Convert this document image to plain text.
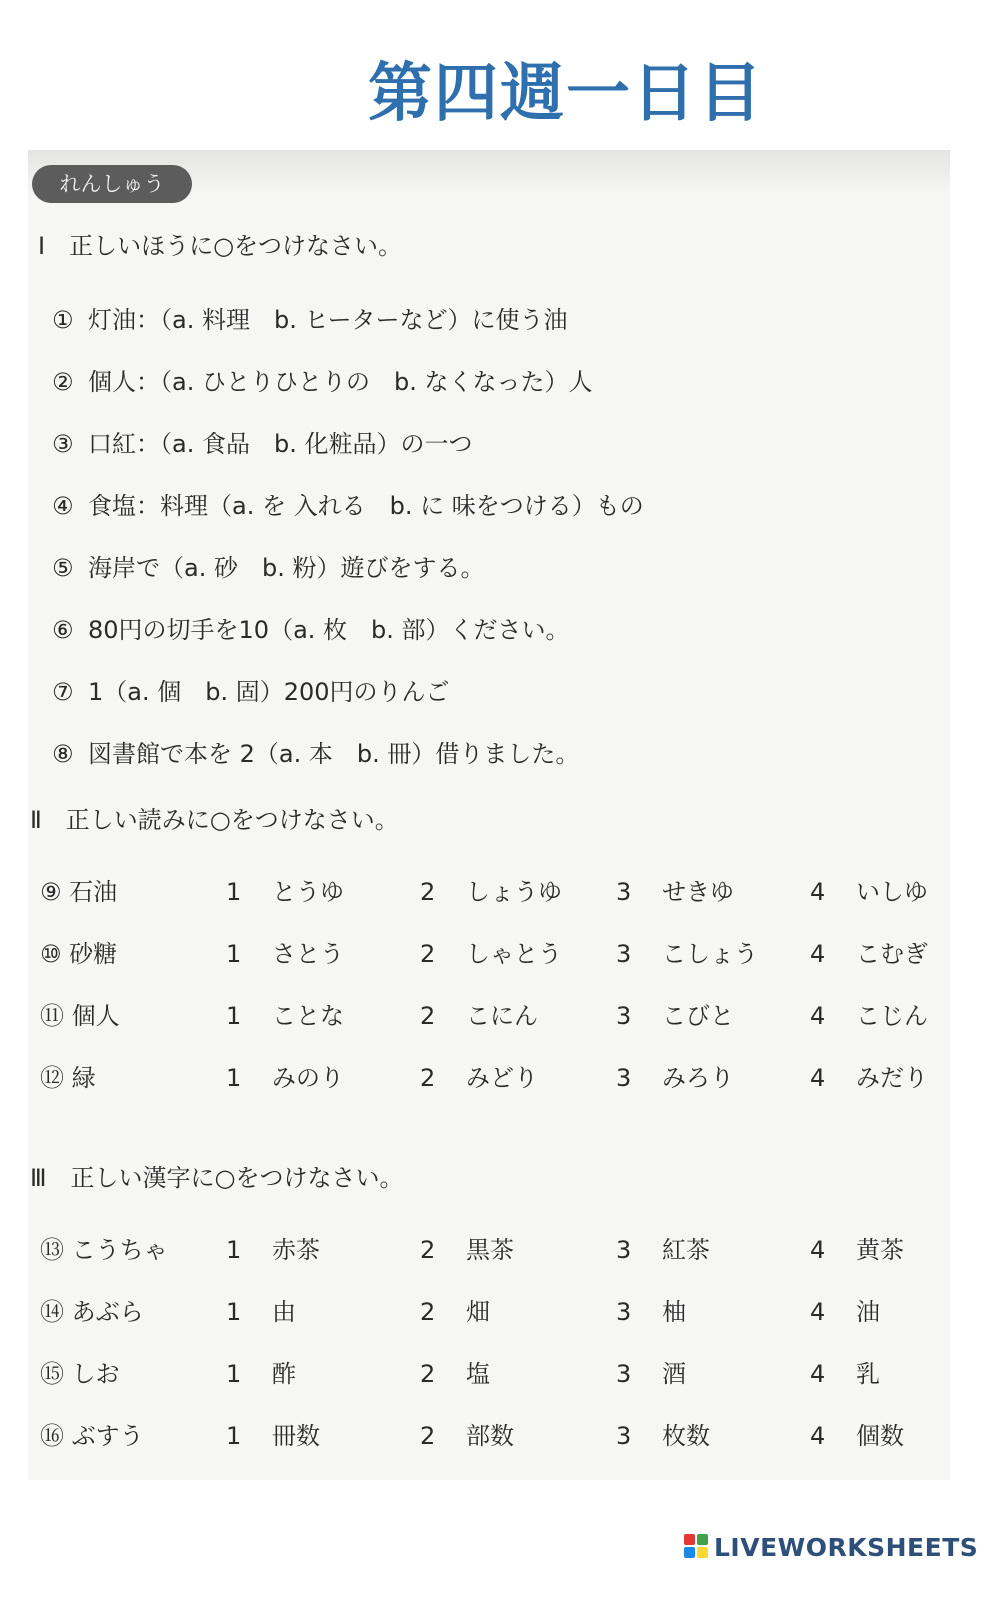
第四週一日目
れんしゅう
Ⅰ　正しいほうに○をつけなさい。
① 灯油：（a. 料理　b. ヒーターなど）に使う油
② 個人：（a. ひとりひとりの　b. なくなった）人
③ 口紅：（a. 食品　b. 化粧品）の一つ
④ 食塩：料理（a. を 入れる　b. に 味をつける）もの
⑤ 海岸で（a. 砂　b. 粉）遊びをする。
⑥ 80円の切手を10（a. 枚　b. 部）ください。
⑦ 1（a. 個　b. 固）200円のりんご
⑧ 図書館で本を 2（a. 本　b. 冊）借りました。
Ⅱ　正しい読みに○をつけなさい。
⑨ 石油	1 とうゆ	2 しょうゆ 3 せきゆ	4 いしゆ
⑩ 砂糖	1 さとう	2 しゃとう 3 こしょう 4 こむぎ
⑪ 個人	1 ことな	2 こにん	3 こびと	4 こじん
⑫ 緑	1 みのり	2 みどり	3 みろり	4 みだり
Ⅲ　正しい漢字に○をつけなさい。
⑬ こうちゃ	1 赤茶	2 黒茶	3 紅茶	4 黄茶
⑭ あぶら	1 由	2 畑	3 柚	4 油
⑮ しお	1 酢	2 塩	3 酒	4 乳
⑯ ぶすう	1 冊数	2 部数	3 枚数	4 個数
LIVEWORKSHEETS
